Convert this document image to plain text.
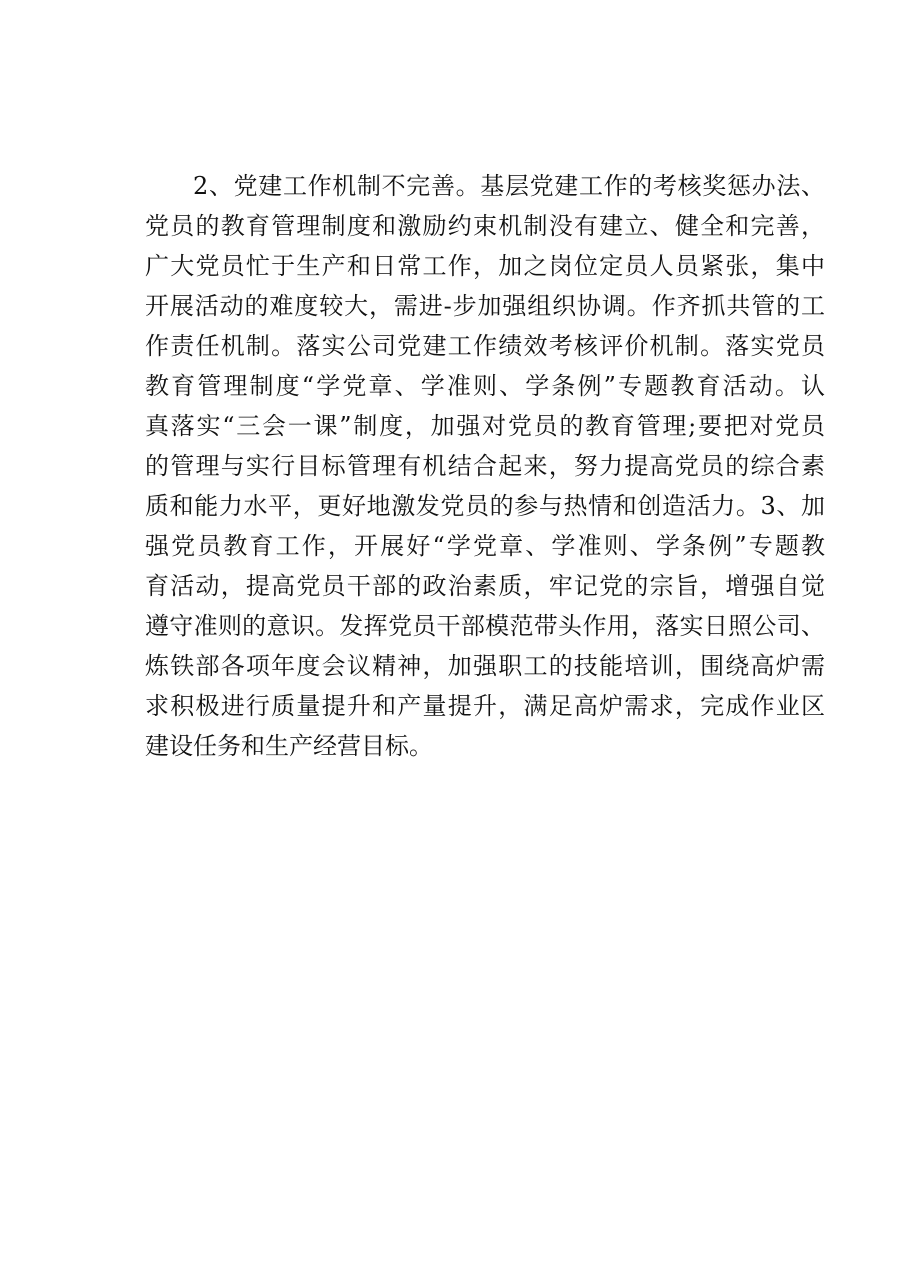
2、党建工作机制不完善。基层党建工作的考核奖惩办法、
党员的教育管理制度和激励约束机制没有建立、健全和完善，
广大党员忙于生产和日常工作，加之岗位定员人员紧张，集中
开展活动的难度较大，需进-步加强组织协调。作齐抓共管的工
作责任机制。落实公司党建工作绩效考核评价机制。落实党员
教育管理制度“学党章、学准则、学条例”专题教育活动。认
真落实“三会一课”制度，加强对党员的教育管理;要把对党员
的管理与实行目标管理有机结合起来，努力提高党员的综合素
质和能力水平，更好地激发党员的参与热情和创造活力。3、加
强党员教育工作，开展好“学党章、学准则、学条例”专题教
育活动，提高党员干部的政治素质，牢记党的宗旨，增强自觉
遵守准则的意识。发挥党员干部模范带头作用，落实日照公司、
炼铁部各项年度会议精神，加强职工的技能培训，围绕高炉需
求积极进行质量提升和产量提升，满足高炉需求，完成作业区
建设任务和生产经营目标。
